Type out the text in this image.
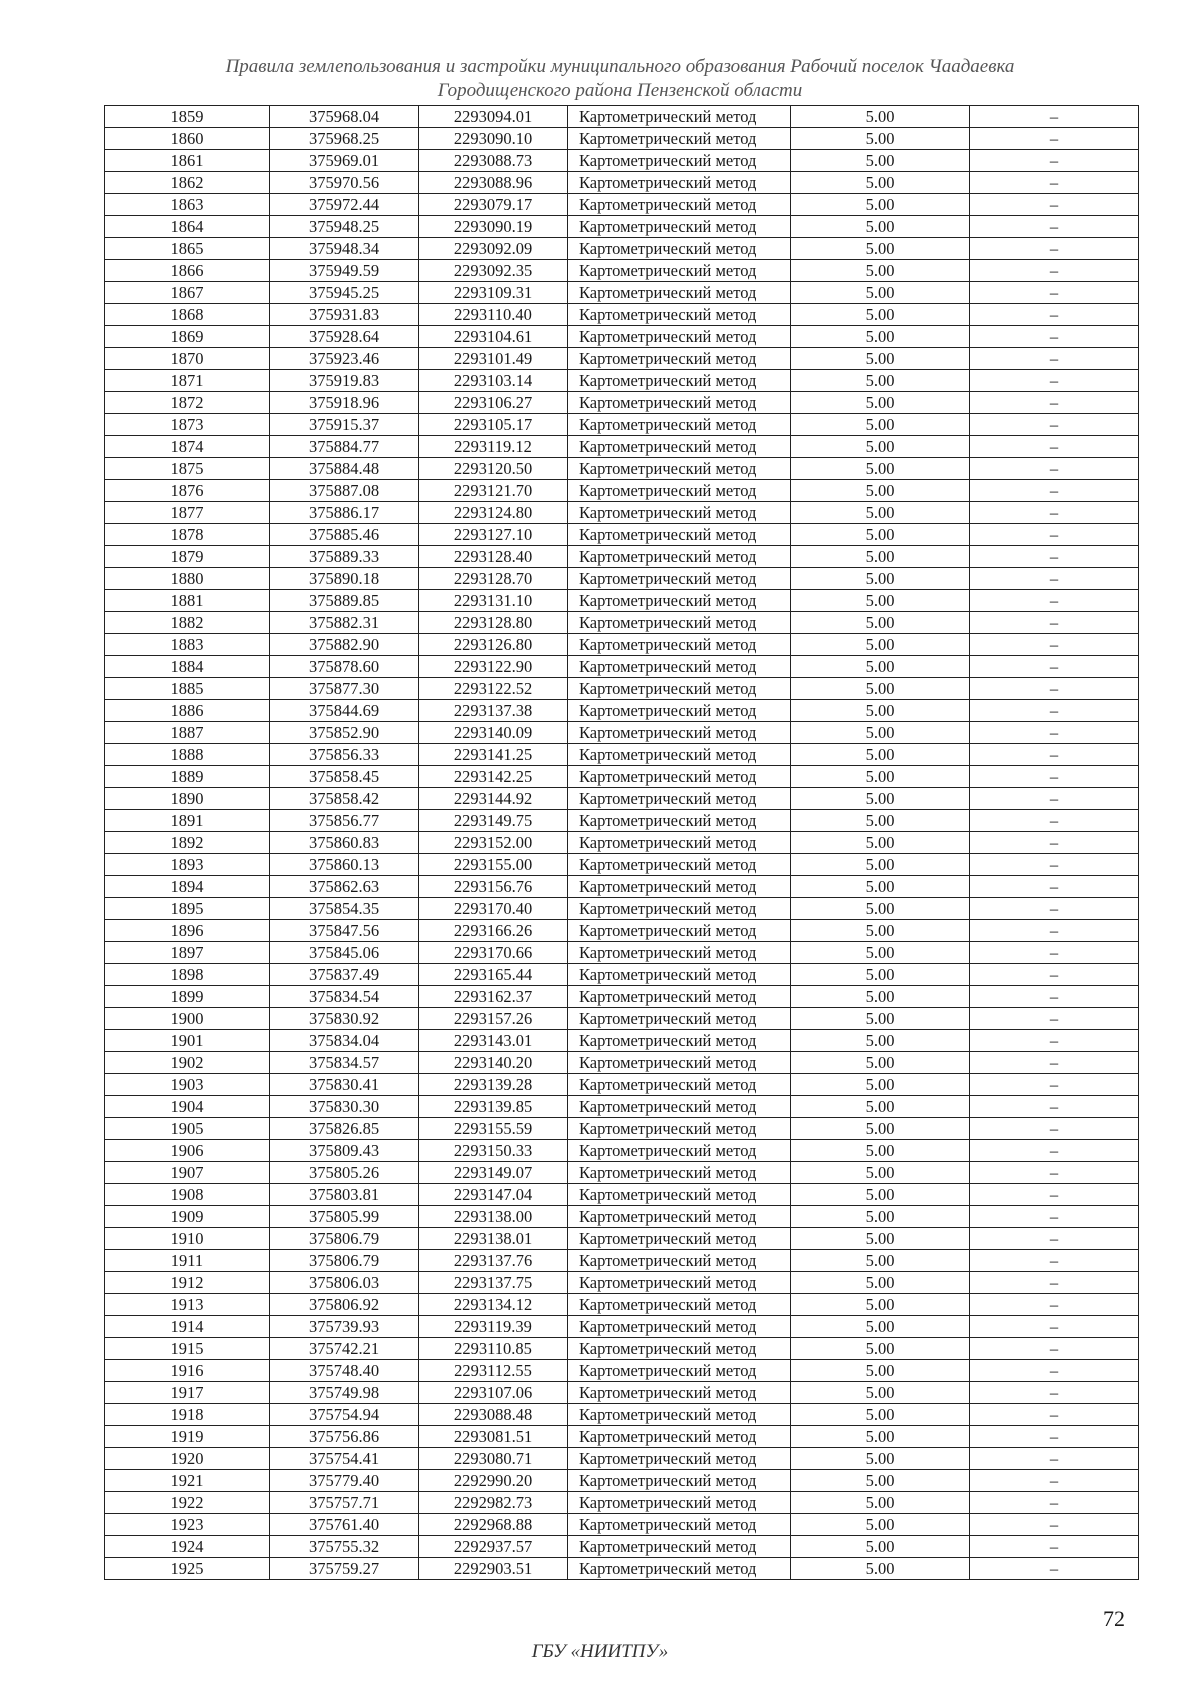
Правила землепользования и застройки муниципального образования Рабочий поселок Чаадаевка
Городищенского района Пензенской области
1859	375968.04	2293094.01	Картометрический метод	5.00	–
1860	375968.25	2293090.10	Картометрический метод	5.00	–
1861	375969.01	2293088.73	Картометрический метод	5.00	–
1862	375970.56	2293088.96	Картометрический метод	5.00	–
1863	375972.44	2293079.17	Картометрический метод	5.00	–
1864	375948.25	2293090.19	Картометрический метод	5.00	–
1865	375948.34	2293092.09	Картометрический метод	5.00	–
1866	375949.59	2293092.35	Картометрический метод	5.00	–
1867	375945.25	2293109.31	Картометрический метод	5.00	–
1868	375931.83	2293110.40	Картометрический метод	5.00	–
1869	375928.64	2293104.61	Картометрический метод	5.00	–
1870	375923.46	2293101.49	Картометрический метод	5.00	–
1871	375919.83	2293103.14	Картометрический метод	5.00	–
1872	375918.96	2293106.27	Картометрический метод	5.00	–
1873	375915.37	2293105.17	Картометрический метод	5.00	–
1874	375884.77	2293119.12	Картометрический метод	5.00	–
1875	375884.48	2293120.50	Картометрический метод	5.00	–
1876	375887.08	2293121.70	Картометрический метод	5.00	–
1877	375886.17	2293124.80	Картометрический метод	5.00	–
1878	375885.46	2293127.10	Картометрический метод	5.00	–
1879	375889.33	2293128.40	Картометрический метод	5.00	–
1880	375890.18	2293128.70	Картометрический метод	5.00	–
1881	375889.85	2293131.10	Картометрический метод	5.00	–
1882	375882.31	2293128.80	Картометрический метод	5.00	–
1883	375882.90	2293126.80	Картометрический метод	5.00	–
1884	375878.60	2293122.90	Картометрический метод	5.00	–
1885	375877.30	2293122.52	Картометрический метод	5.00	–
1886	375844.69	2293137.38	Картометрический метод	5.00	–
1887	375852.90	2293140.09	Картометрический метод	5.00	–
1888	375856.33	2293141.25	Картометрический метод	5.00	–
1889	375858.45	2293142.25	Картометрический метод	5.00	–
1890	375858.42	2293144.92	Картометрический метод	5.00	–
1891	375856.77	2293149.75	Картометрический метод	5.00	–
1892	375860.83	2293152.00	Картометрический метод	5.00	–
1893	375860.13	2293155.00	Картометрический метод	5.00	–
1894	375862.63	2293156.76	Картометрический метод	5.00	–
1895	375854.35	2293170.40	Картометрический метод	5.00	–
1896	375847.56	2293166.26	Картометрический метод	5.00	–
1897	375845.06	2293170.66	Картометрический метод	5.00	–
1898	375837.49	2293165.44	Картометрический метод	5.00	–
1899	375834.54	2293162.37	Картометрический метод	5.00	–
1900	375830.92	2293157.26	Картометрический метод	5.00	–
1901	375834.04	2293143.01	Картометрический метод	5.00	–
1902	375834.57	2293140.20	Картометрический метод	5.00	–
1903	375830.41	2293139.28	Картометрический метод	5.00	–
1904	375830.30	2293139.85	Картометрический метод	5.00	–
1905	375826.85	2293155.59	Картометрический метод	5.00	–
1906	375809.43	2293150.33	Картометрический метод	5.00	–
1907	375805.26	2293149.07	Картометрический метод	5.00	–
1908	375803.81	2293147.04	Картометрический метод	5.00	–
1909	375805.99	2293138.00	Картометрический метод	5.00	–
1910	375806.79	2293138.01	Картометрический метод	5.00	–
1911	375806.79	2293137.76	Картометрический метод	5.00	–
1912	375806.03	2293137.75	Картометрический метод	5.00	–
1913	375806.92	2293134.12	Картометрический метод	5.00	–
1914	375739.93	2293119.39	Картометрический метод	5.00	–
1915	375742.21	2293110.85	Картометрический метод	5.00	–
1916	375748.40	2293112.55	Картометрический метод	5.00	–
1917	375749.98	2293107.06	Картометрический метод	5.00	–
1918	375754.94	2293088.48	Картометрический метод	5.00	–
1919	375756.86	2293081.51	Картометрический метод	5.00	–
1920	375754.41	2293080.71	Картометрический метод	5.00	–
1921	375779.40	2292990.20	Картометрический метод	5.00	–
1922	375757.71	2292982.73	Картометрический метод	5.00	–
1923	375761.40	2292968.88	Картометрический метод	5.00	–
1924	375755.32	2292937.57	Картометрический метод	5.00	–
1925	375759.27	2292903.51	Картометрический метод	5.00	–
72
ГБУ «НИИТПУ»
